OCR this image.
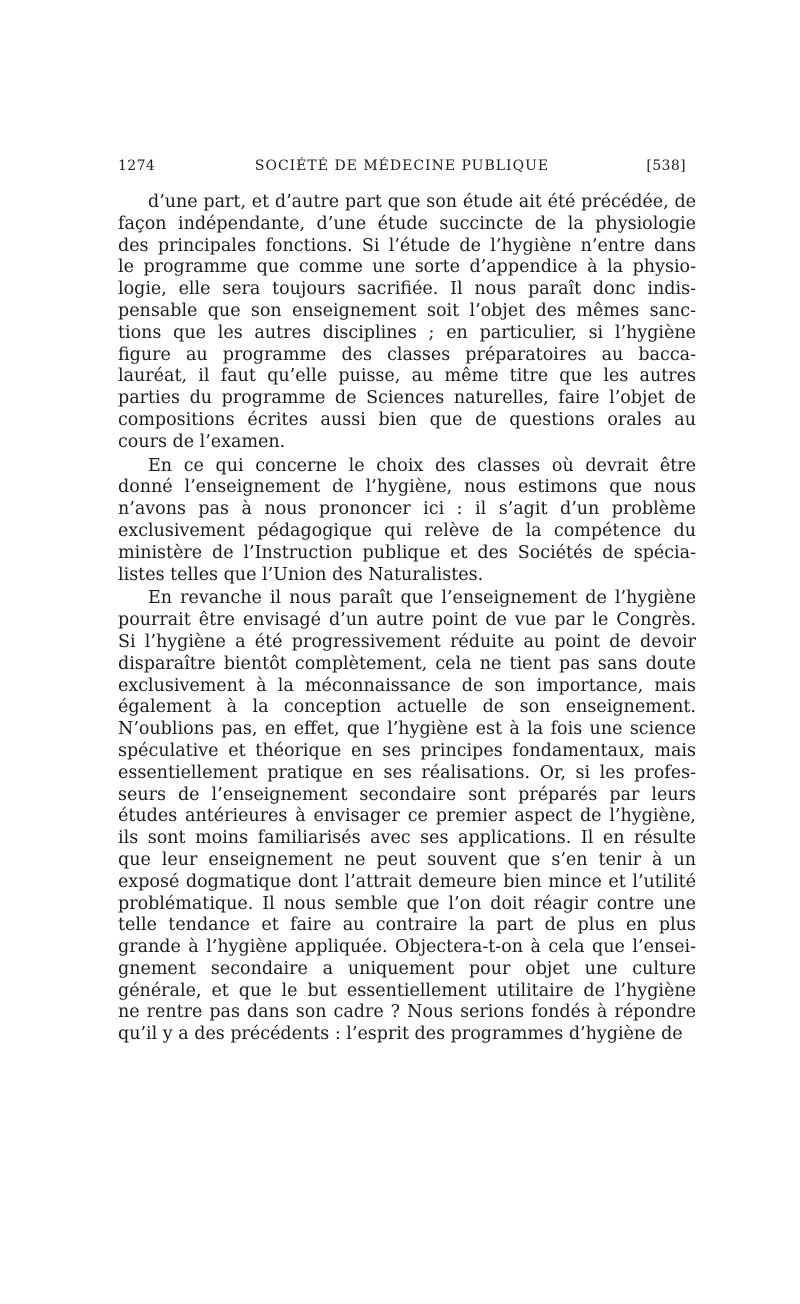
1274	SOCIÉTÉ DE MÉDECINE PUBLIQUE	[538]
d’une part, et d’autre part que son étude ait été précédée, de
façon indépendante, d’une étude succincte de la physiologie
des principales fonctions. Si l’étude de l’hygiène n’entre dans
le programme que comme une sorte d’appendice à la physio-
logie, elle sera toujours sacrifiée. Il nous paraît donc indis-
pensable que son enseignement soit l’objet des mêmes sanc-
tions que les autres disciplines ; en particulier, si l’hygiène
figure au programme des classes préparatoires au bacca-
lauréat, il faut qu’elle puisse, au même titre que les autres
parties du programme de Sciences naturelles, faire l’objet de
compositions écrites aussi bien que de questions orales au
cours de l’examen.
En ce qui concerne le choix des classes où devrait être
donné l’enseignement de l’hygiène, nous estimons que nous
n’avons pas à nous prononcer ici : il s’agit d’un problème
exclusivement pédagogique qui relève de la compétence du
ministère de l’Instruction publique et des Sociétés de spécia-
listes telles que l’Union des Naturalistes.
En revanche il nous paraît que l’enseignement de l’hygiène
pourrait être envisagé d’un autre point de vue par le Congrès.
Si l’hygiène a été progressivement réduite au point de devoir
disparaître bientôt complètement, cela ne tient pas sans doute
exclusivement à la méconnaissance de son importance, mais
également à la conception actuelle de son enseignement.
N’oublions pas, en effet, que l’hygiène est à la fois une science
spéculative et théorique en ses principes fondamentaux, mais
essentiellement pratique en ses réalisations. Or, si les profes-
seurs de l’enseignement secondaire sont préparés par leurs
études antérieures à envisager ce premier aspect de l’hygiène,
ils sont moins familiarisés avec ses applications. Il en résulte
que leur enseignement ne peut souvent que s’en tenir à un
exposé dogmatique dont l’attrait demeure bien mince et l’utilité
problématique. Il nous semble que l’on doit réagir contre une
telle tendance et faire au contraire la part de plus en plus
grande à l’hygiène appliquée. Objectera-t-on à cela que l’ensei-
gnement secondaire a uniquement pour objet une culture
générale, et que le but essentiellement utilitaire de l’hygiène
ne rentre pas dans son cadre ? Nous serions fondés à répondre
qu’il y a des précédents : l’esprit des programmes d’hygiène de
